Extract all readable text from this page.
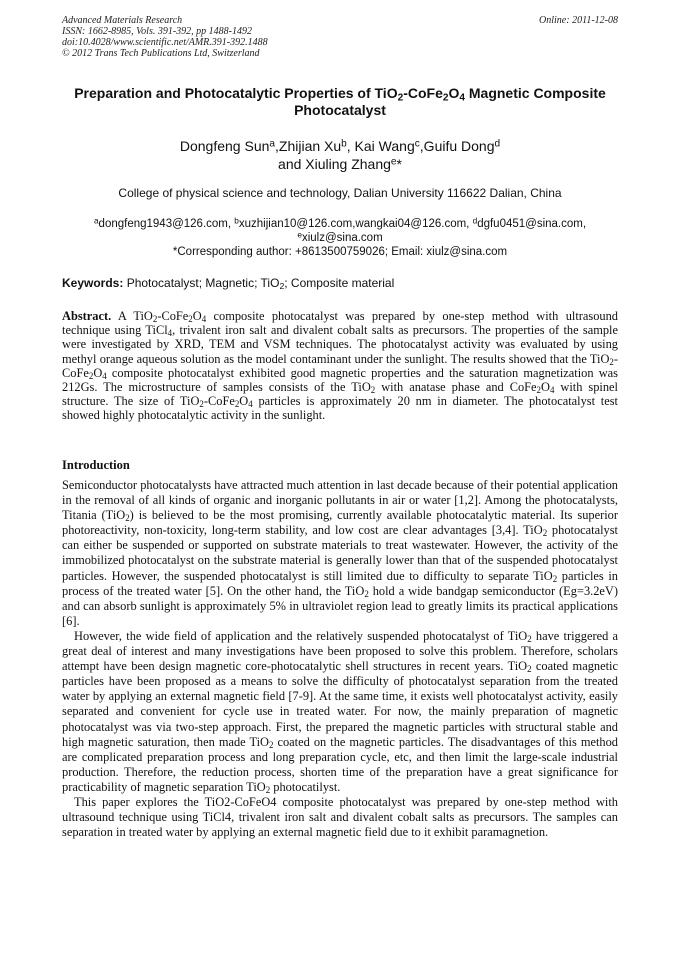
Advanced Materials Research
ISSN: 1662-8985, Vols. 391-392, pp 1488-1492
doi:10.4028/www.scientific.net/AMR.391-392.1488
© 2012 Trans Tech Publications Ltd, Switzerland
Online: 2011-12-08
Preparation and Photocatalytic Properties of $TiO_2-CoFe_2O_4$ Magnetic Composite Photocatalyst
Dongfeng Sun$^a$,Zhijian Xu$^b$, Kai Wang$^c$,Guifu Dong$^d$
and Xiuling Zhang$^e$*
College of physical science and technology, Dalian University 116622 Dalian, China
$^a$dongfeng1943@126.com, $^b$xuzhijian10@126.com,wangkai04@126.com, $^d$dgfu0451@sina.com,
$^e$xiulz@sina.com
*Corresponding author: +8613500759026; Email: xiulz@sina.com
Keywords: Photocatalyst; Magnetic; TiO$_2$; Composite material
Abstract. A $TiO_2-CoFe_2O_4$ composite photocatalyst was prepared by one-step method with ultrasound technique using TiCl$_4$, trivalent iron salt and divalent cobalt salts as precursors. The properties of the sample were investigated by XRD, TEM and VSM techniques. The photocatalyst activity was evaluated by using methyl orange aqueous solution as the model contaminant under the sunlight. The results showed that the $TiO_2-CoFe_2O_4$ composite photocatalyst exhibited good magnetic properties and the saturation magnetization was 212Gs. The microstructure of samples consists of the TiO$_2$ with anatase phase and $CoFe_2O_4$ with spinel structure. The size of $TiO_2-CoFe_2O_4$ particles is approximately 20 nm in diameter. The photocatalyst test showed highly photocatalytic activity in the sunlight.
Introduction

Semiconductor photocatalysts have attracted much attention in last decade because of their potential application in the removal of all kinds of organic and inorganic pollutants in air or water [1,2]. Among the photocatalysts, Titania (TiO$_2$) is believed to be the most promising, currently available photocatalytic material. Its superior photoreactivity, non-toxicity, long-term stability, and low cost are clear advantages [3,4]. TiO$_2$ photocatalyst can either be suspended or supported on substrate materials to treat wastewater. However, the activity of the immobilized photocatalyst on the substrate material is generally lower than that of the suspended photocatalyst particles. However, the suspended photocatalyst is still limited due to difficulty to separate TiO$_2$ particles in process of the treated water [5]. On the other hand, the TiO$_2$ hold a wide bandgap semiconductor (Eg=3.2eV) and can absorb sunlight is approximately 5% in ultraviolet region lead to greatly limits its practical applications [6].

However, the wide field of application and the relatively suspended photocatalyst of TiO$_2$ have triggered a great deal of interest and many investigations have been proposed to solve this problem. Therefore, scholars attempt have been design magnetic core-photocatalytic shell structures in recent years. TiO$_2$ coated magnetic particles have been proposed as a means to solve the difficulty of photocatalyst separation from the treated water by applying an external magnetic field [7-9]. At the same time, it exists well photocatalyst activity, easily separated and convenient for cycle use in treated water. For now, the mainly preparation of magnetic photocatalyst was via two-step approach. First, the prepared the magnetic particles with structural stable and high magnetic saturation, then made TiO$_2$ coated on the magnetic particles. The disadvantages of this method are complicated preparation process and long preparation cycle, etc, and then limit the large-scale industrial production. Therefore, the reduction process, shorten time of the preparation have a great significance for practicability of magnetic separation TiO$_2$ photocatilyst.

This paper explores the TiO2-CoFeO4 composite photocatalyst was prepared by one-step method with ultrasound technique using TiCl4, trivalent iron salt and divalent cobalt salts as precursors. The samples can separation in treated water by applying an external magnetic field due to it exhibit paramagnetion.
